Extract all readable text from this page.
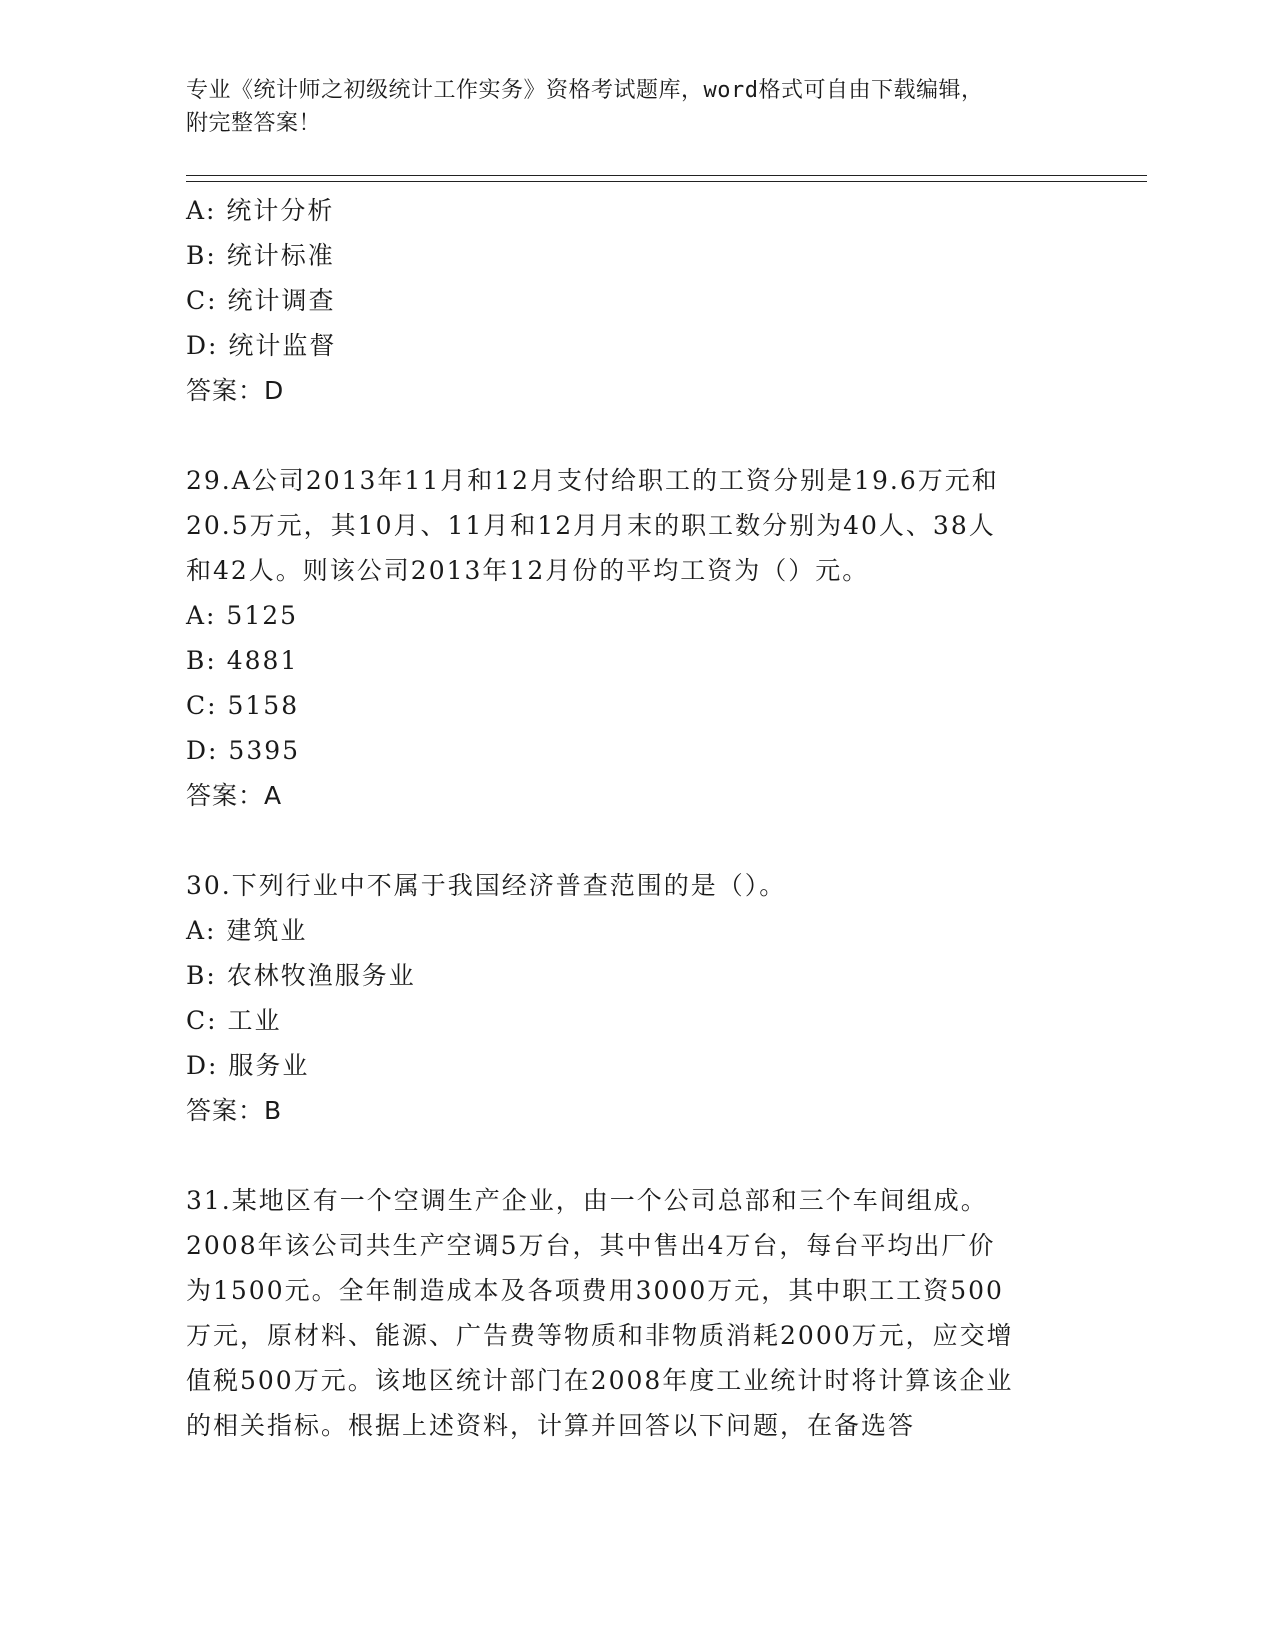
专业《统计师之初级统计工作实务》资格考试题库，word格式可自由下载编辑，
附完整答案！
A: 统计分析
B: 统计标准
C: 统计调查
D: 统计监督
答案：D
29.A公司2013年11月和12月支付给职工的工资分别是19.6万元和
20.5万元，其10月、11月和12月月末的职工数分别为40人、38人
和42人。则该公司2013年12月份的平均工资为（）元。
A: 5125
B: 4881
C: 5158
D: 5395
答案：A
30.下列行业中不属于我国经济普查范围的是（）。
A: 建筑业
B: 农林牧渔服务业
C: 工业
D: 服务业
答案：B
31.某地区有一个空调生产企业，由一个公司总部和三个车间组成。
2008年该公司共生产空调5万台，其中售出4万台，每台平均出厂价
为1500元。全年制造成本及各项费用3000万元，其中职工工资500
万元，原材料、能源、广告费等物质和非物质消耗2000万元，应交增
值税500万元。该地区统计部门在2008年度工业统计时将计算该企业
的相关指标。根据上述资料，计算并回答以下问题，在备选答
